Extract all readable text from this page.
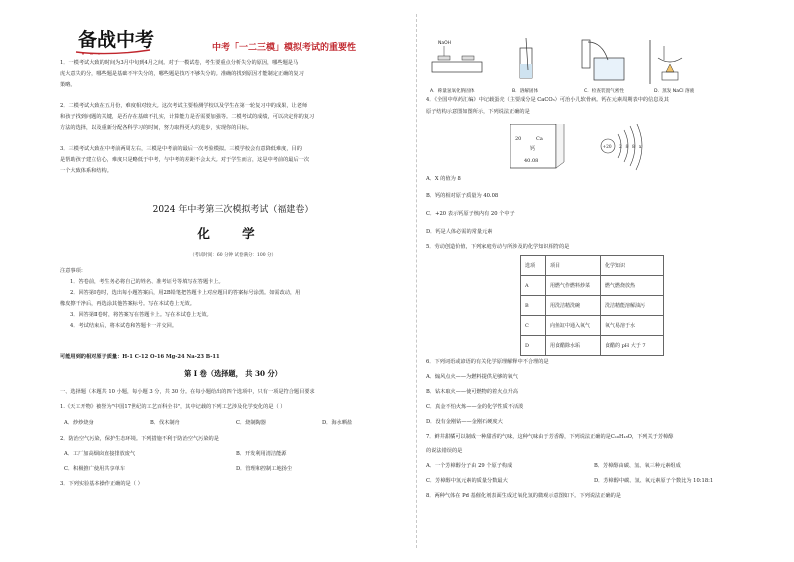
备战中考	中考「一二三模」模拟考试的重要性
1．一模考试大致的时间为3月中旬到4月之间。对于一模试卷，考生要重点分析失分的原因，哪些题是马
虎大意失的分，哪些题是基础不牢失分的，哪些题是技巧不够失分的。准确的找到原因才能制定正确的复习
策略。
2．二模考试大致在五月份，难度相对较大。这次考试主要检测学校以及学生在第一轮复习中的成果，让老师
和孩子找到问题的关键，是否存在基础不扎实，计算能力是否需要加强等。二模考试的成绩，可以决定你的复习
方法的选择，以及重新分配各科学习的时间，努力取得更大的进步，实现你的目标。
3．三模考试大致在中考前两周左右，三模是中考前的最后一次考验模拟。三模学校会有意降低难度，目的
是帮助孩子建立信心，难度只是略低于中考，与中考的差距不会太大。对于学生而言，这是中考前的最后一次
一个大致体系和结构。
2024 年中考第三次模拟考试（福建卷）
化 学
（考试时间：60 分钟 试卷满分：100 分）
注意事项：
1．答卷前，考生务必将自己的姓名、准考证号等填写在答题卡上。
2．回答第Ⅰ卷时，选出每小题答案后，用2B铅笔把答题卡上对应题目的答案标号涂黑。如需改动，用
橡皮擦干净后，再选涂其他答案标号。写在本试卷上无效。
3．回答第Ⅱ卷时，将答案写在答题卡上。写在本试卷上无效。
4．考试结束后，将本试卷和答题卡一并交回。
可能用到的相对原子质量：H-1 C-12 O-16 Mg-24 Na-23 B-11
第 I 卷（选择题， 共 30 分）
一、选择题（本题共 10 小题，每小题 3 分，共 30 分。在每小题给出的四个选项中，只有一项是符合题目要求
1.《天工开物》被誉为"中国17世纪的工艺百科全书"，其中记载的下列工艺涉及化学变化的是（ ）
A．炒炒烧身	B．伐木制舟	C．烧制陶器	D．海水晒盐
2．防治空气污染，保护生态环境。下列措施不利于防治空气污染的是
A．工厂加高烟囱直接排放废气	B．开发利用清洁能源
C．积极推广使用共享单车	D．管理和控制工地扬尘
3．下列实验基本操作正确的是（ ）
NaOH
A．称量氢氧化钠固体	B．溶解固体	C．检查装置气密性	D．蒸发 NaCl 溶液
4．《全国中草药汇编》中记载蛋壳（主要成分是 CaCO₃）可治小儿软骨病。钙在元素周期表中的信息及其
原子结构示意图如图所示，下列说法正确的是
20	Ca
钙
40.08
+20 2 8 8 x
A．X 的值为 8
B．钙的相对原子质量为 40.08
C．+20 表示钙原子核内有 20 个中子
D．钙是人体必需的常量元素
5．劳动创造价值，下列家庭劳动与所涉及的化学知识相符的是
选项	项目	化学知识
A	用燃气作燃料炒菜	燃气燃烧放热
B	用洗洁精洗碗	洗洁精能溶解油污
C	向鱼缸中通入氧气	氧气易溶于水
D	用食醋除水垢	食醋的 pH 大于 7
6．下列词语或谚语的有关化学原理解释中不合理的是
A．煽风点火——为燃料提供足够的氧气
B．钻木取火——使可燃物的着火点升高
C．真金不怕火炼——金的化学性质不活泼
D．没有金刚钻——金刚石硬度大
7．鲜井甜橘可以制成一种甜香的气味，这种气味由于芳香醇，下列说法正确的是C₁₀H₁₈O，下列关于芳樟醇
的说法错误的是
A．一个芳樟醇分子由 29 个原子构成	B．芳樟醇由碳、氢、氧三种元素组成
C．芳樟醇中氢元素的质量分数最大	D．芳樟醇中碳、氢、氧元素原子个数比为 10:18:1
8．两种气体在 Pd 基催化剂表面生成过氧化氢的微观示意图如下。下列说法正确的是
